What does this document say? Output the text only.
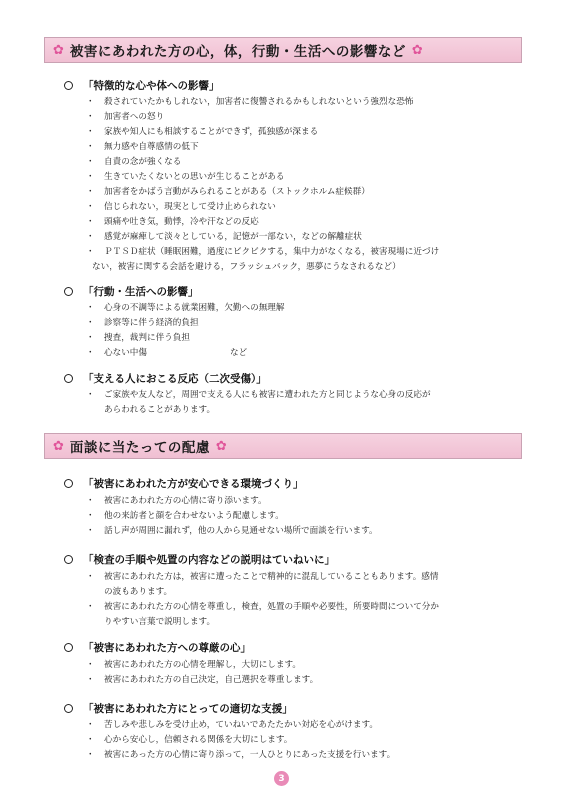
✿ 被害にあわれた方の心，体，行動・生活への影響など ✿
「特徴的な心や体への影響」
・ 殺されていたかもしれない，加害者に復讐されるかもしれないという強烈な恐怖
・ 加害者への怒り
・ 家族や知人にも相談することができず，孤独感が深まる
・ 無力感や自尊感情の低下
・ 自責の念が強くなる
・ 生きていたくないとの思いが生じることがある
・ 加害者をかばう言動がみられることがある（ストックホルム症候群）
・ 信じられない，現実として受け止められない
・ 頭痛や吐き気，動悸，冷や汗などの反応
・ 感覚が麻痺して淡々としている，記憶が一部ない，などの解離症状
・ ＰＴＳＤ症状（睡眠困難，過度にビクビクする，集中力がなくなる，被害現場に近づけ
ない，被害に関する会話を避ける，フラッシュバック，悪夢にうなされるなど）
「行動・生活への影響」
・ 心身の不調等による就業困難，欠勤への無理解
・ 診察等に伴う経済的負担
・ 捜査，裁判に伴う負担
・ 心ない中傷	など
「支える人におこる反応（二次受傷）」
・ ご家族や友人など，周囲で支える人にも被害に遭われた方と同じような心身の反応が
あらわれることがあります。
✿ 面談に当たっての配慮 ✿
「被害にあわれた方が安心できる環境づくり」
・ 被害にあわれた方の心情に寄り添います。
・ 他の来訪者と顔を合わせないよう配慮します。
・ 話し声が周囲に漏れず，他の人から見通せない場所で面談を行います。
「検査の手順や処置の内容などの説明はていねいに」
・ 被害にあわれた方は，被害に遭ったことで精神的に混乱していることもあります。感情
の波もあります。
・ 被害にあわれた方の心情を尊重し，検査，処置の手順や必要性，所要時間について分か
りやすい言葉で説明します。
「被害にあわれた方への尊厳の心」
・ 被害にあわれた方の心情を理解し，大切にします。
・ 被害にあわれた方の自己決定，自己選択を尊重します。
「被害にあわれた方にとっての適切な支援」
・ 苦しみや悲しみを受け止め，ていねいであたたかい対応を心がけます。
・ 心から安心し，信頼される関係を大切にします。
・ 被害にあった方の心情に寄り添って，一人ひとりにあった支援を行います。
3
